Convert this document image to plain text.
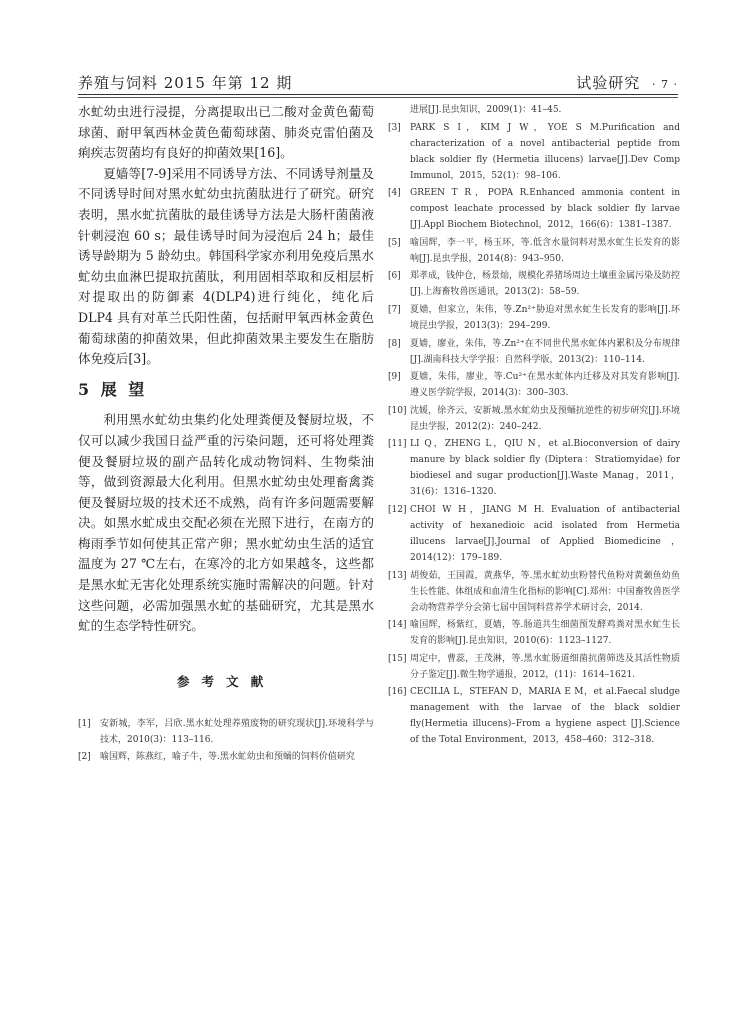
养殖与饲料 2015 年第 12 期	试验研究 · 7 ·

水虻幼虫进行浸提，分离提取出已二酸对金黄色葡萄球菌、耐甲氧西林金黄色葡萄球菌、肺炎克雷伯菌及痢疾志贺菌均有良好的抑菌效果[16]。

夏嫱等[7-9]采用不同诱导方法、不同诱导剂量及不同诱导时间对黑水虻幼虫抗菌肽进行了研究。研究表明，黑水虻抗菌肽的最佳诱导方法是大肠杆菌菌液针刺浸泡 60 s；最佳诱导时间为浸泡后 24 h；最佳诱导龄期为 5 龄幼虫。韩国科学家亦利用免疫后黑水虻幼虫血淋巴提取抗菌肽，利用固相萃取和反相层析对提取出的防御素 4(DLP4)进行纯化，纯化后 DLP4 具有对革兰氏阳性菌，包括耐甲氧西林金黄色葡萄球菌的抑菌效果，但此抑菌效果主要发生在脂肪体免疫后[3]。

5 展 望

利用黑水虻幼虫集约化处理粪便及餐厨垃圾，不仅可以减少我国日益严重的污染问题，还可将处理粪便及餐厨垃圾的副产品转化成动物饲料、生物柴油等，做到资源最大化利用。但黑水虻幼虫处理畜禽粪便及餐厨垃圾的技术还不成熟，尚有许多问题需要解决。如黑水虻成虫交配必须在光照下进行，在南方的梅雨季节如何使其正常产卵；黑水虻幼虫生活的适宜温度为 27 ℃左右，在寒冷的北方如果越冬，这些都是黑水虻无害化处理系统实施时需解决的问题。针对这些问题，必需加强黑水虻的基础研究，尤其是黑水虻的生态学特性研究。

参考文献
[1]	安新城，李军，吕欣.黑水虻处理养殖废物的研究现状[J].环境科学与技术，2010(3)：113–116.
[2]	喻国辉，陈燕红，喻子牛，等.黑水虻幼虫和预蛹的饲料价值研究
进展[J].昆虫知识，2009(1)：41–45.
[3]	PARK S I，KIM J W，YOE S M.Purification and characterization of a novel antibacterial peptide from black soldier fly (Hermetia illucens) larvae[J].Dev Comp Immunol，2015，52(1)：98–106.
[4]	GREEN T R，POPA R.Enhanced ammonia content in compost leachate processed by black soldier fly larvae [J].Appl Biochem Biotechnol，2012，166(6)：1381–1387.
[5]	喻国辉，李一平，杨玉环，等.低含水量饲料对黑水虻生长发育的影响[J].昆虫学报，2014(8)：943–950.
[6]	郑孝成，钱仲仓，杨景灿，规模化养猪场周边土壤重金属污染及防控[J].上海畜牧兽医通讯，2013(2)：58–59.
[7]	夏嫱，但家立，朱伟，等.Zn²⁺胁迫对黑水虻生长发育的影响[J].环境昆虫学报，2013(3)：294–299.
[8]	夏嫱，廖业，朱伟，等.Zn²⁺在不同世代黑水虻体内累积及分布规律[J].湖南科技大学学报：自然科学版，2013(2)：110–114.
[9]	夏嫱，朱伟，廖业，等.Cu²⁺在黑水虻体内迁移及对其发育影响[J].遵义医学院学报，2014(3)：300–303.
[10] 沈媛，徐齐云，安新城.黑水虻幼虫及预蛹抗逆性的初步研究[J].环境昆虫学报，2012(2)：240–242.
[11] LI Q，ZHENG L，QIU N，et al.Bioconversion of dairy manure by black soldier fly (Diptera：Stratiomyidae) for biodiesel and sugar production[J].Waste Manag，2011，31(6)：1316–1320.
[12] CHOI W H，JIANG M H. Evaluation of antibacterial activity of hexanedioic acid isolated from Hermetia illucens larvae[J].Journal of Applied Biomedicine ，2014(12)：179–189.
[13] 胡俊茹，王国霞，黄燕华，等.黑水虻幼虫粉替代鱼粉对黄颡鱼幼鱼生长性能、体组成和血清生化指标的影响[C].郑州：中国畜牧兽医学会动物营养学分会第七届中国饲料营养学术研讨会，2014.
[14] 喻国辉，杨紫红，夏嫱，等.肠道共生细菌预发酵鸡粪对黑水虻生长发育的影响[J].昆虫知识，2010(6)：1123–1127.
[15] 周定中，曹蕊，王茂淋，等.黑水虻肠道细菌抗菌筛选及其活性物质分子鉴定[J].微生物学通报，2012，(11)：1614–1621.
[16] CECILIA L，STEFAN D，MARIA E M，et al.Faecal sludge management with the larvae of the black soldier fly(Hermetia illucens)–From a hygiene aspect [J].Science of the Total Environment，2013，458–460：312–318.
